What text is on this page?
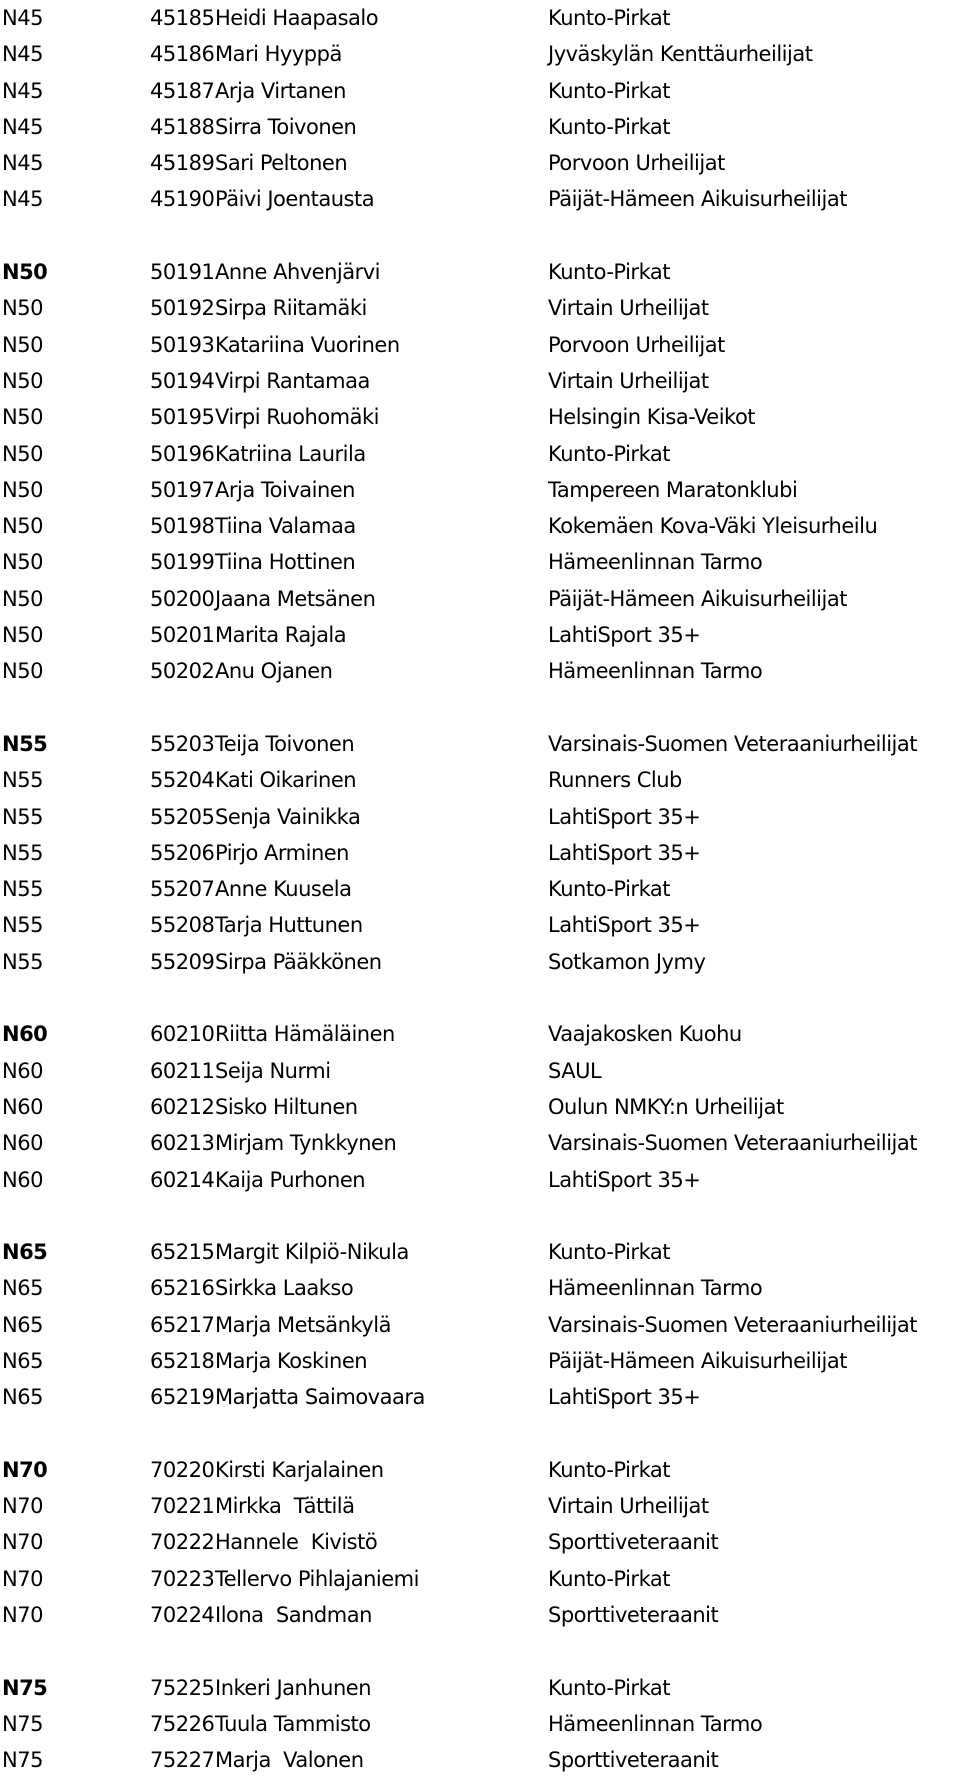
N45	45185 Heidi Haapasalo	Kunto-Pirkat
N45	45186 Mari Hyyppä	Jyväskylän Kenttäurheilijat
N45	45187 Arja Virtanen	Kunto-Pirkat
N45	45188 Sirra Toivonen	Kunto-Pirkat
N45	45189 Sari Peltonen	Porvoon Urheilijat
N45	45190 Päivi Joentausta	Päijät-Hämeen Aikuisurheilijat
N50	50191 Anne Ahvenjärvi	Kunto-Pirkat
N50	50192 Sirpa Riitamäki	Virtain Urheilijat
N50	50193 Katariina Vuorinen	Porvoon Urheilijat
N50	50194 Virpi Rantamaa	Virtain Urheilijat
N50	50195 Virpi Ruohomäki	Helsingin Kisa-Veikot
N50	50196 Katriina Laurila	Kunto-Pirkat
N50	50197 Arja Toivainen	Tampereen Maratonklubi
N50	50198 Tiina Valamaa	Kokemäen Kova-Väki Yleisurheilu
N50	50199 Tiina Hottinen	Hämeenlinnan Tarmo
N50	50200 Jaana Metsänen	Päijät-Hämeen Aikuisurheilijat
N50	50201 Marita Rajala	LahtiSport 35+
N50	50202 Anu Ojanen	Hämeenlinnan Tarmo
N55	55203 Teija Toivonen	Varsinais-Suomen Veteraaniurheilijat
N55	55204 Kati Oikarinen	Runners Club
N55	55205 Senja Vainikka	LahtiSport 35+
N55	55206 Pirjo Arminen	LahtiSport 35+
N55	55207 Anne Kuusela	Kunto-Pirkat
N55	55208 Tarja Huttunen	LahtiSport 35+
N55	55209 Sirpa Pääkkönen	Sotkamon Jymy
N60	60210 Riitta Hämäläinen	Vaajakosken Kuohu
N60	60211 Seija Nurmi	SAUL
N60	60212 Sisko Hiltunen	Oulun NMKY:n Urheilijat
N60	60213 Mirjam Tynkkynen	Varsinais-Suomen Veteraaniurheilijat
N60	60214 Kaija Purhonen	LahtiSport 35+
N65	65215 Margit Kilpiö-Nikula	Kunto-Pirkat
N65	65216 Sirkka Laakso	Hämeenlinnan Tarmo
N65	65217 Marja Metsänkylä	Varsinais-Suomen Veteraaniurheilijat
N65	65218 Marja Koskinen	Päijät-Hämeen Aikuisurheilijat
N65	65219 Marjatta Saimovaara	LahtiSport 35+
N70	70220 Kirsti Karjalainen	Kunto-Pirkat
N70	70221 Mirkka  Tättilä	Virtain Urheilijat
N70	70222 Hannele  Kivistö	Sporttiveteraanit
N70	70223 Tellervo Pihlajaniemi	Kunto-Pirkat
N70	70224 Ilona  Sandman	Sporttiveteraanit
N75	75225 Inkeri Janhunen	Kunto-Pirkat
N75	75226 Tuula Tammisto	Hämeenlinnan Tarmo
N75	75227 Marja  Valonen	Sporttiveteraanit
